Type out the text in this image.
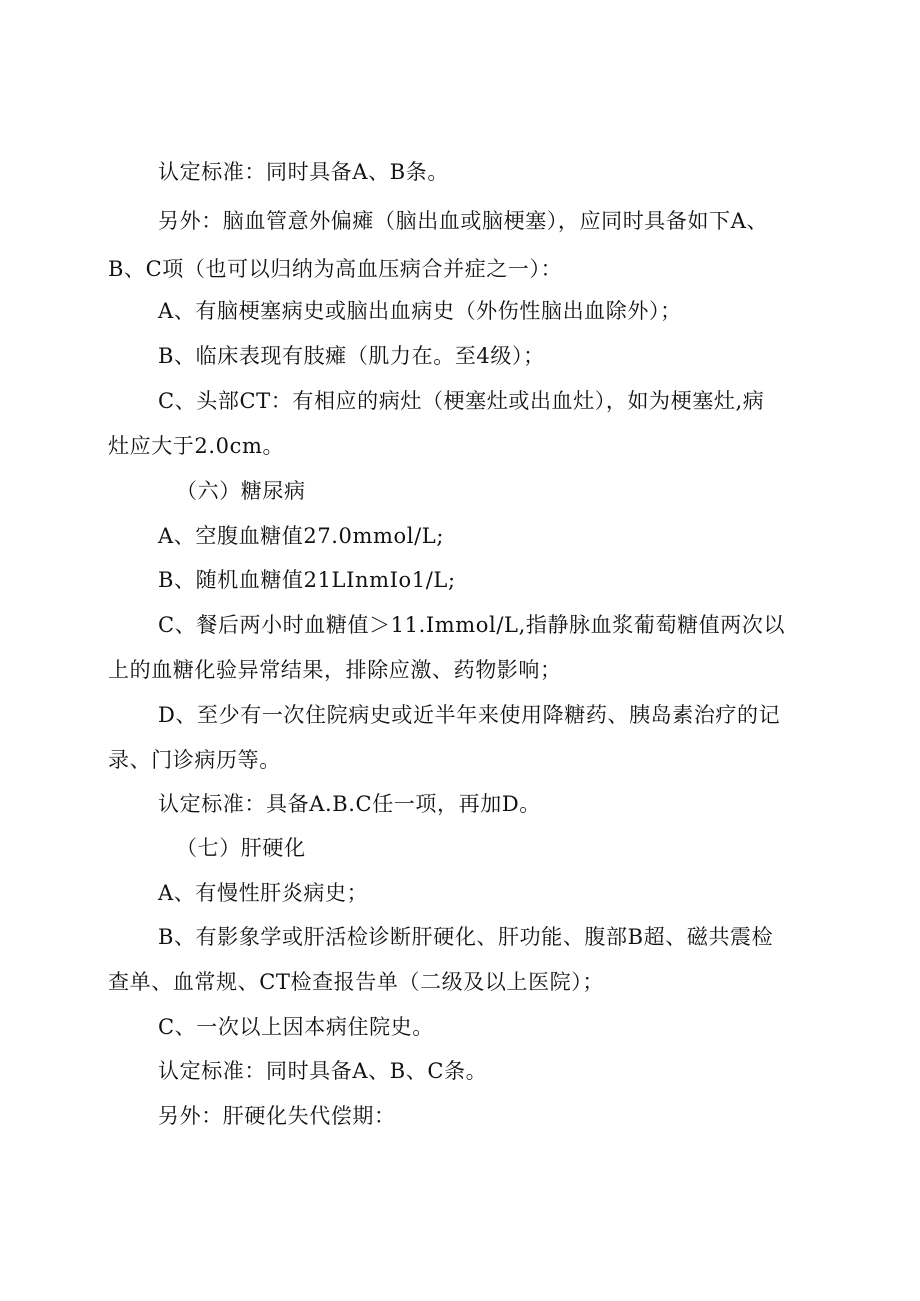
认定标准：同时具备A、B条。
另外：脑血管意外偏瘫（脑出血或脑梗塞），应同时具备如下A、
B、C项（也可以归纳为高血压病合并症之一）：
A、有脑梗塞病史或脑出血病史（外伤性脑出血除外）；
B、临床表现有肢瘫（肌力在。至4级）；
C、头部CT：有相应的病灶（梗塞灶或出血灶），如为梗塞灶,病
灶应大于2.0cm。
（六）糖尿病
A、空腹血糖值27.0mmol/L;
B、随机血糖值21LInmIo1/L;
C、餐后两小时血糖值＞11.Immol/L,指静脉血浆葡萄糖值两次以
上的血糖化验异常结果，排除应激、药物影响；
D、至少有一次住院病史或近半年来使用降糖药、胰岛素治疗的记
录、门诊病历等。
认定标准：具备A.B.C任一项，再加D。
（七）肝硬化
A、有慢性肝炎病史；
B、有影象学或肝活检诊断肝硬化、肝功能、腹部B超、磁共震检
查单、血常规、CT检查报告单（二级及以上医院）；
C、一次以上因本病住院史。
认定标准：同时具备A、B、C条。
另外：肝硬化失代偿期：
